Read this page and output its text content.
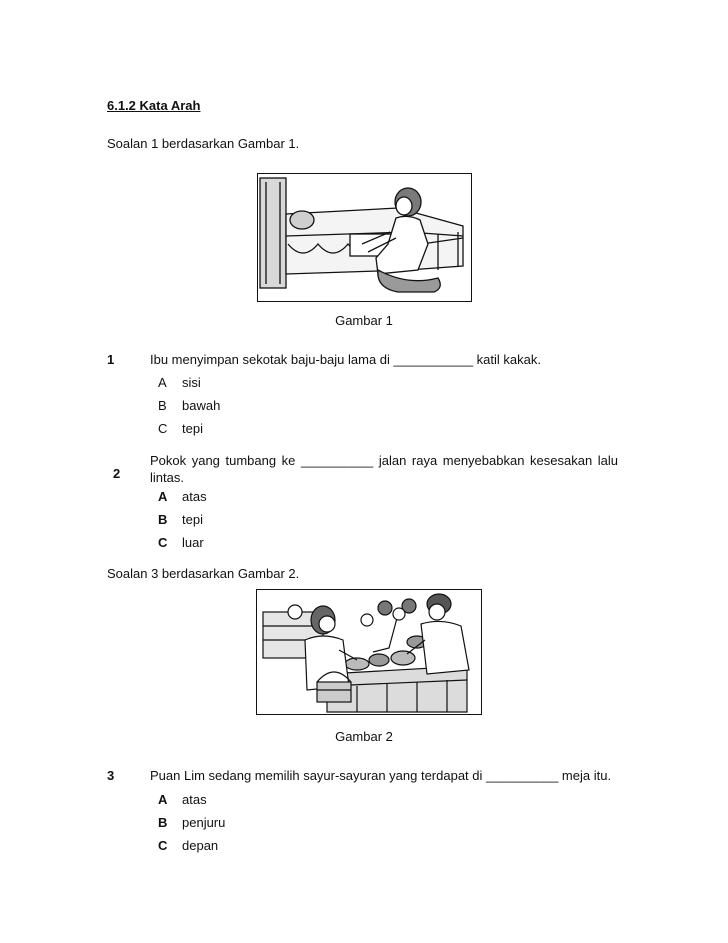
6.1.2 Kata Arah
Soalan 1 berdasarkan Gambar 1.
Gambar 1
1	Ibu menyimpan sekotak baju-baju lama di ___________ katil kakak.
A sisi
B bawah
C tepi
Pokok yang tumbang ke __________ jalan raya menyebabkan kesesakan lalu
2 lintas.
A atas
B tepi
C luar
Soalan 3 berdasarkan Gambar 2.
Gambar 2
3	Puan Lim sedang memilih sayur-sayuran yang terdapat di __________ meja itu.
A atas
B penjuru
C depan
